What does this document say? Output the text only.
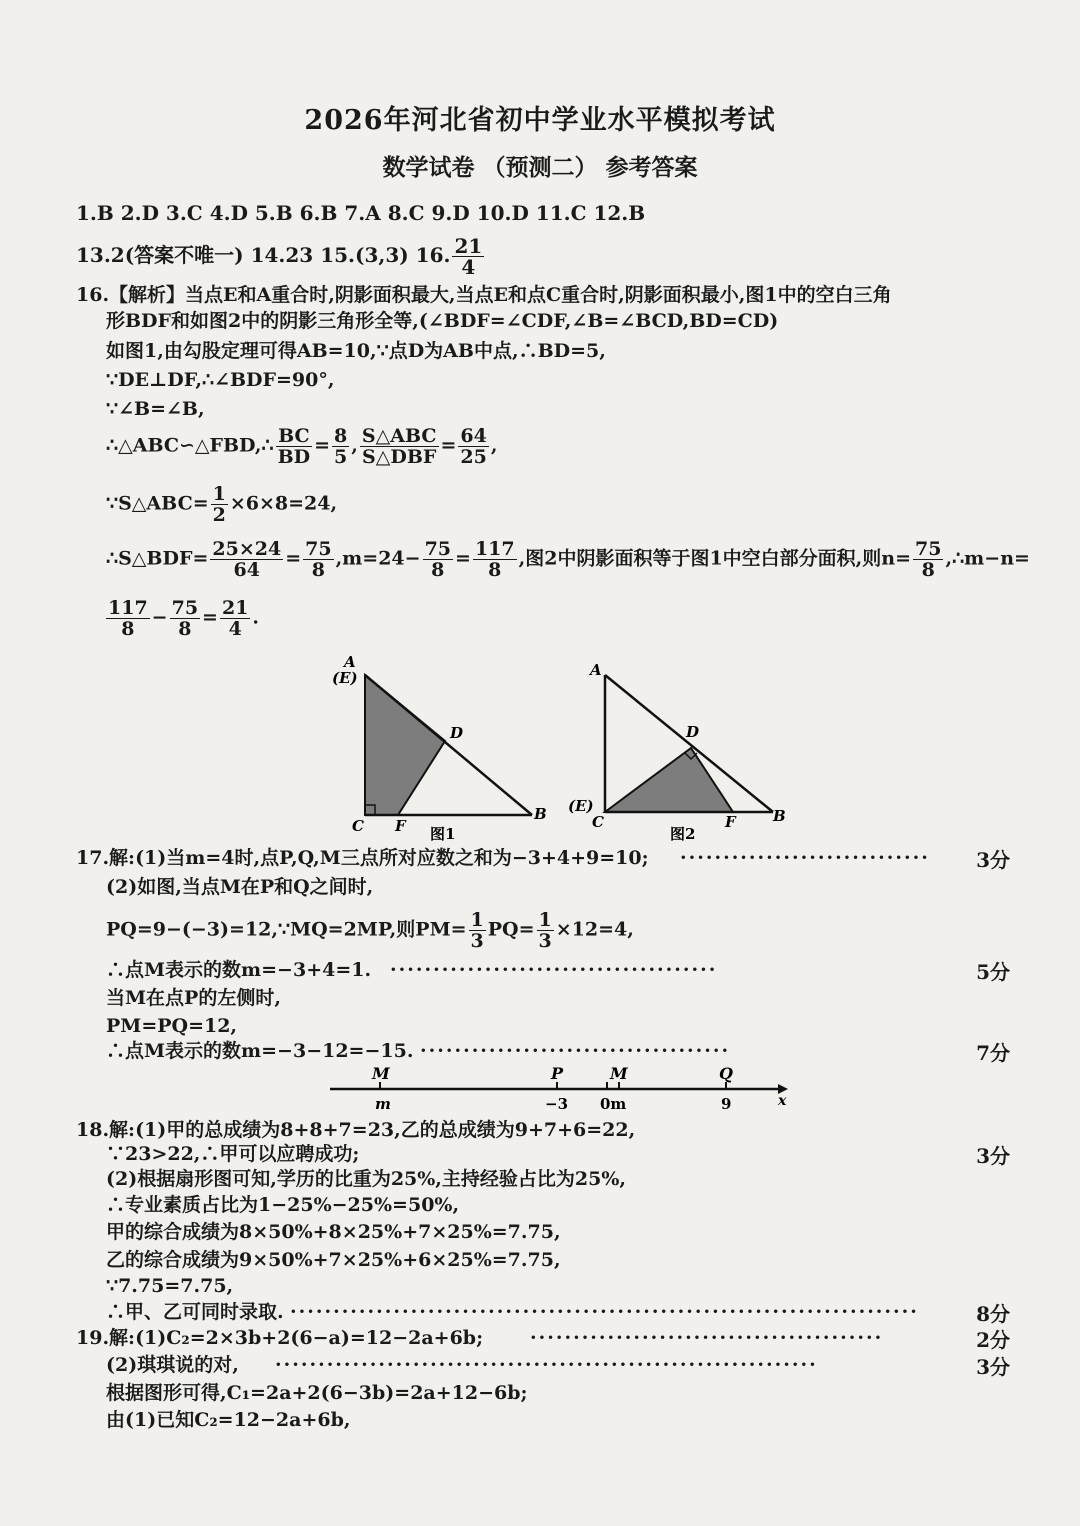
2026年河北省初中学业水平模拟考试
数学试卷 （预测二） 参考答案
1.B 2.D 3.C 4.D 5.B 6.B 7.A 8.C 9.D 10.D 11.C 12.B
13.2(答案不唯一) 14.23 15.(3,3) 16. $\frac{21}{4}$
16.【解析】当点E和A重合时,阴影面积最大,当点E和点C重合时,阴影面积最小,图1中的空白三角
形BDF和如图2中的阴影三角形全等,(∠BDF=∠CDF,∠B=∠BCD,BD=CD)
如图1,由勾股定理可得AB=10,∵点D为AB中点,∴BD=5,
∵DE⊥DF,∴∠BDF=90°,
∵∠B=∠B,
∴△ABC∽△FBD,∴ $\frac{BC}{BD} = \frac{8}{5}$ , $\frac{\text{S△ABC}}{\text{S△DBF}} = \frac{64}{25}$ ,
∵S△ABC= $\frac{1}{2} \times 6\times 8=24$,
∴S△BDF= $\frac{25\times 24}{64} = \frac{75}{8} ,m=24- \frac{75}{8} = \frac{117}{8}$ ,图2中阴影面积等于图1中空白部分面积,则$n= \frac{75}{8}$ ,∴m−n=
$\frac{117}{8} - \frac{75}{8} = \frac{21}{4}$ .
A
(E)
D
C F
B
图1
A
D
(E)
C	F B
图2
17.解:(1)当m=4时,点P,Q,M三点所对应数之和为−3+4+9=10; ····························· 3分
(2)如图,当点M在P和Q之间时,
PQ=9−(−3)=12,∵MQ=2MP,则$PM= \frac{1}{3} PQ= \frac{1}{3} \times 12=4$,
∴点M表示的数m=−3+4=1. ······································	5分
当M在点P的左侧时,
PM=PQ=12,
∴点M表示的数m=−3−12=−15. ····································	7分
M
m
P
−3
M
0m
Q
9	x
18.解:(1)甲的总成绩为8+8+7=23,乙的总成绩为9+7+6=22,
∵23>22,∴甲可以应聘成功;	3分
(2)根据扇形图可知,学历的比重为25%,主持经验占比为25%,
∴专业素质占比为1−25%−25%=50%,
甲的综合成绩为8×50%+8×25%+7×25%=7.75,
乙的综合成绩为9×50%+7×25%+6×25%=7.75,
∵7.75=7.75,
∴甲、乙可同时录取. ·········································································	8分
19.解:(1)C₂=2×3b+2(6−a)=12−2a+6b; ·········································	2分
(2)琪琪说的对, ·······························································	3分
根据图形可得,C₁=2a+2(6−3b)=2a+12−6b;
由(1)已知C₂=12−2a+6b,
